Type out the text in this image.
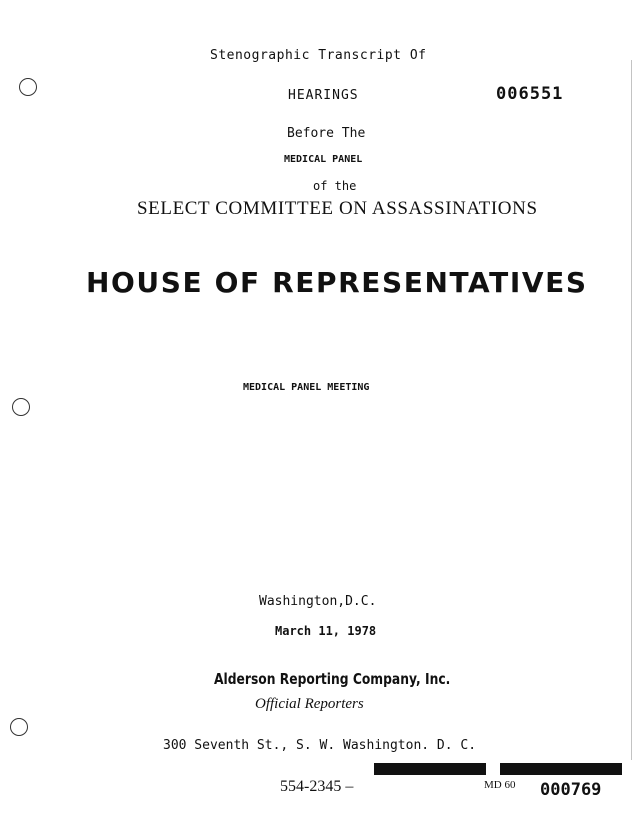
Stenographic Transcript Of
HEARINGS	006551
Before The
MEDICAL PANEL
of the
SELECT COMMITTEE ON ASSASSINATIONS
HOUSE OF REPRESENTATIVES
MEDICAL PANEL MEETING
Washington,D.C.
March 11, 1978
Alderson Reporting Company, Inc.
Official Reporters
300 Seventh St., S. W. Washington. D. C.
554-2345 –	MD 60 000769
